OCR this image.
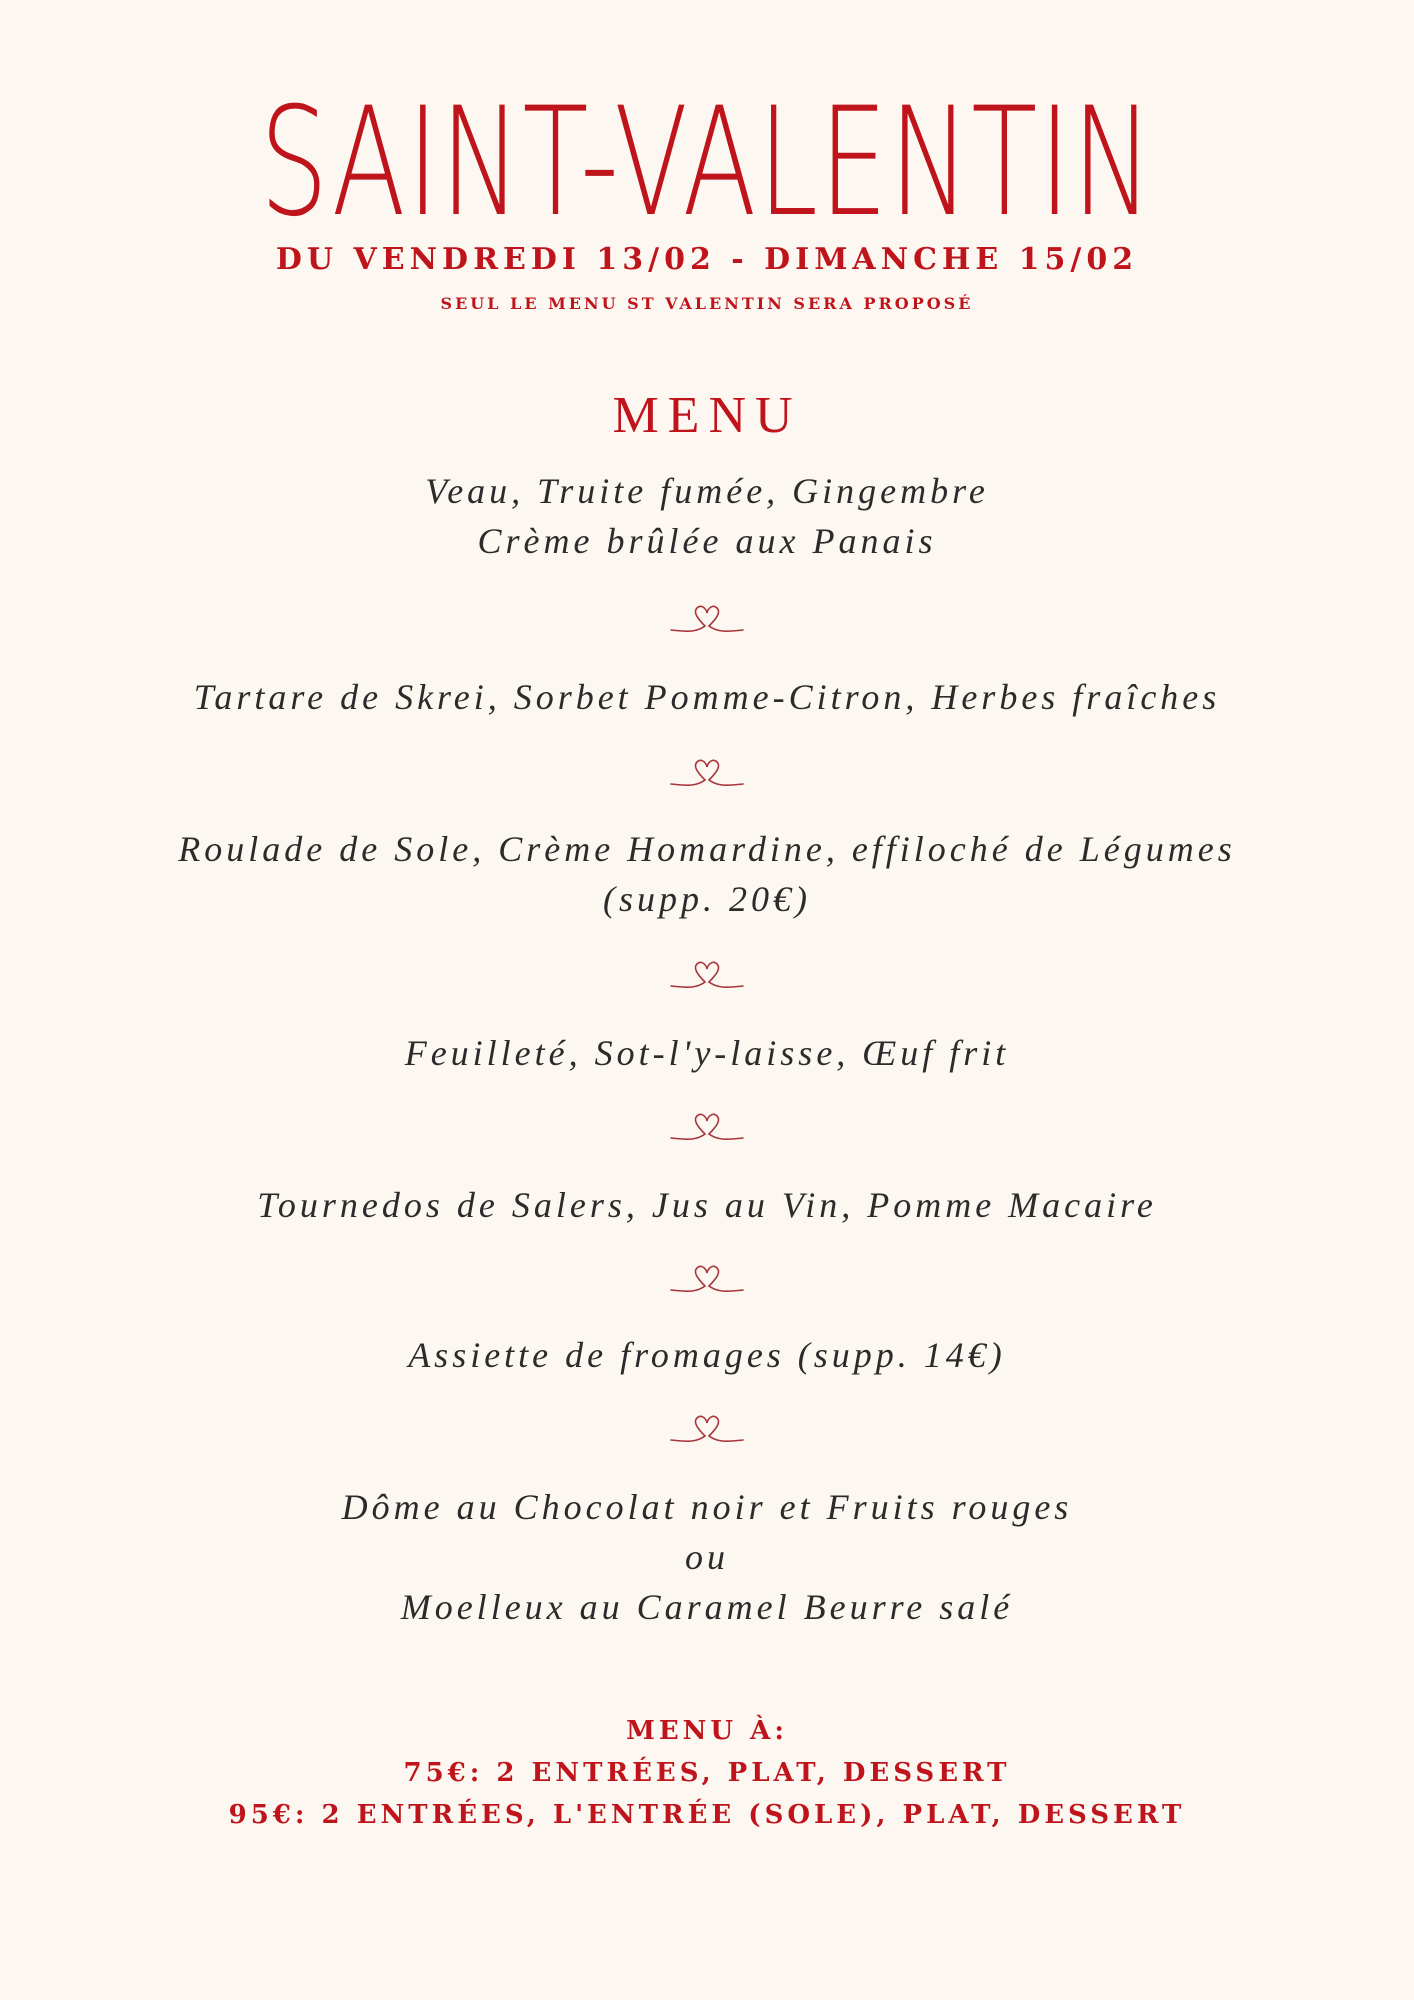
SAINT-VALENTIN
DU VENDREDI 13/02 - DIMANCHE 15/02
SEUL LE MENU ST VALENTIN SERA PROPOSÉ
MENU
Veau, Truite fumée, Gingembre
Crème brûlée aux Panais
Tartare de Skrei, Sorbet Pomme-Citron, Herbes fraîches
Roulade de Sole, Crème Homardine, effiloché de Légumes
(supp. 20€)
Feuilleté, Sot-l'y-laisse, Œuf frit
Tournedos de Salers, Jus au Vin, Pomme Macaire
Assiette de fromages (supp. 14€)
Dôme au Chocolat noir et Fruits rouges
ou
Moelleux au Caramel Beurre salé
MENU À:
75€: 2 ENTRÉES, PLAT, DESSERT
95€: 2 ENTRÉES, L'ENTRÉE (SOLE), PLAT, DESSERT
